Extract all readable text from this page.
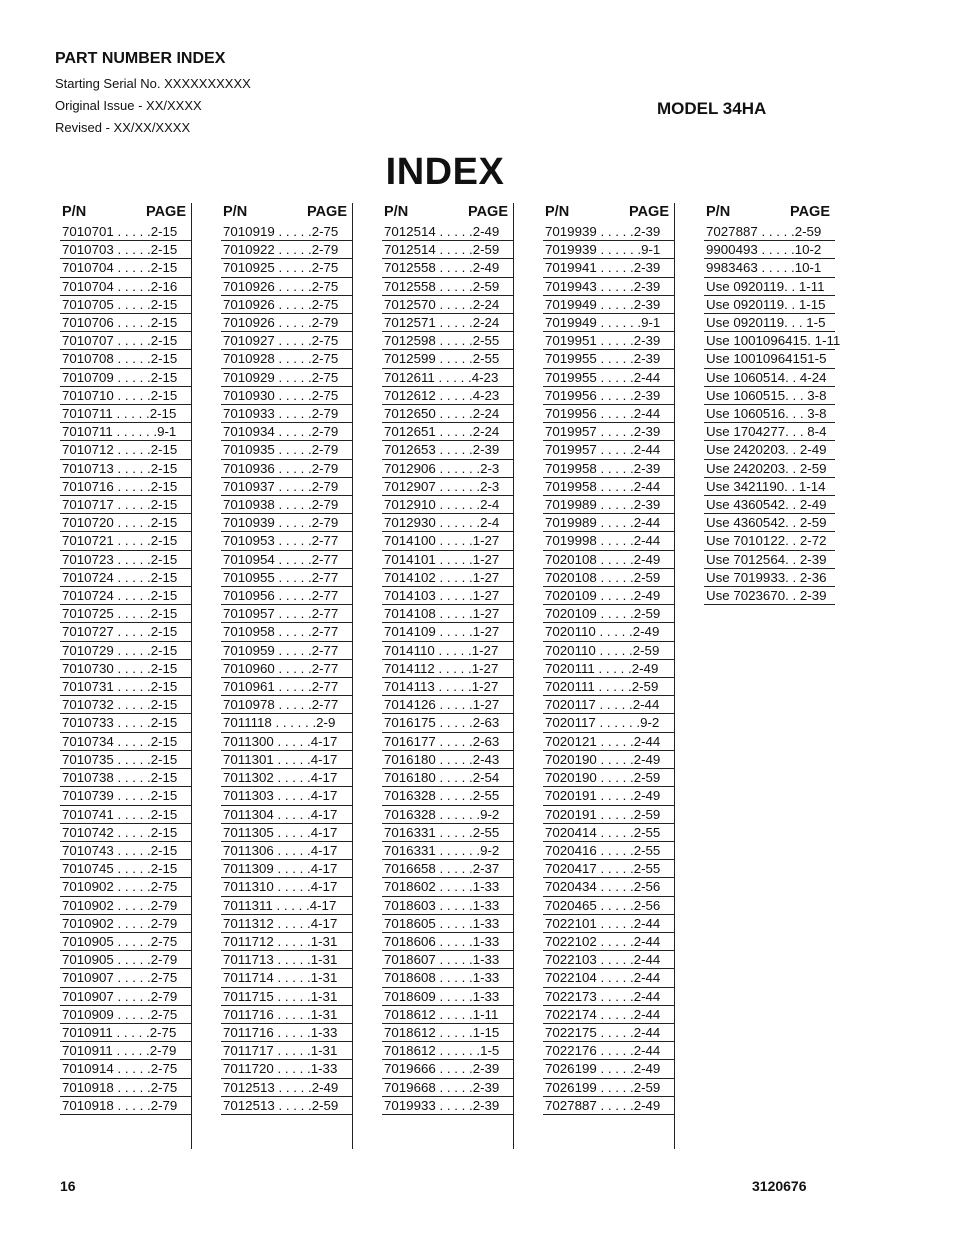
PART NUMBER INDEX
Starting Serial No. XXXXXXXXXX
Original Issue - XX/XXXX
Revised - XX/XX/XXXX
MODEL 34HA
INDEX
P/N	PAGE
7010701 . . . . .2-15
7010703 . . . . .2-15
7010704 . . . . .2-15
7010704 . . . . .2-16
7010705 . . . . .2-15
7010706 . . . . .2-15
7010707 . . . . .2-15
7010708 . . . . .2-15
7010709 . . . . .2-15
7010710 . . . . .2-15
7010711 . . . . .2-15
7010711 . . . . . .9-1
7010712 . . . . .2-15
7010713 . . . . .2-15
7010716 . . . . .2-15
7010717 . . . . .2-15
7010720 . . . . .2-15
7010721 . . . . .2-15
7010723 . . . . .2-15
7010724 . . . . .2-15
7010724 . . . . .2-15
7010725 . . . . .2-15
7010727 . . . . .2-15
7010729 . . . . .2-15
7010730 . . . . .2-15
7010731 . . . . .2-15
7010732 . . . . .2-15
7010733 . . . . .2-15
7010734 . . . . .2-15
7010735 . . . . .2-15
7010738 . . . . .2-15
7010739 . . . . .2-15
7010741 . . . . .2-15
7010742 . . . . .2-15
7010743 . . . . .2-15
7010745 . . . . .2-15
7010902 . . . . .2-75
7010902 . . . . .2-79
7010902 . . . . .2-79
7010905 . . . . .2-75
7010905 . . . . .2-79
7010907 . . . . .2-75
7010907 . . . . .2-79
7010909 . . . . .2-75
7010911 . . . . .2-75
7010911 . . . . .2-79
7010914 . . . . .2-75
7010918 . . . . .2-75
7010918 . . . . .2-79
P/N	PAGE
7010919 . . . . .2-75
7010922 . . . . .2-79
7010925 . . . . .2-75
7010926 . . . . .2-75
7010926 . . . . .2-75
7010926 . . . . .2-79
7010927 . . . . .2-75
7010928 . . . . .2-75
7010929 . . . . .2-75
7010930 . . . . .2-75
7010933 . . . . .2-79
7010934 . . . . .2-79
7010935 . . . . .2-79
7010936 . . . . .2-79
7010937 . . . . .2-79
7010938 . . . . .2-79
7010939 . . . . .2-79
7010953 . . . . .2-77
7010954 . . . . .2-77
7010955 . . . . .2-77
7010956 . . . . .2-77
7010957 . . . . .2-77
7010958 . . . . .2-77
7010959 . . . . .2-77
7010960 . . . . .2-77
7010961 . . . . .2-77
7010978 . . . . .2-77
7011118 . . . . . .2-9
7011300 . . . . .4-17
7011301 . . . . .4-17
7011302 . . . . .4-17
7011303 . . . . .4-17
7011304 . . . . .4-17
7011305 . . . . .4-17
7011306 . . . . .4-17
7011309 . . . . .4-17
7011310 . . . . .4-17
7011311 . . . . .4-17
7011312 . . . . .4-17
7011712 . . . . .1-31
7011713 . . . . .1-31
7011714 . . . . .1-31
7011715 . . . . .1-31
7011716 . . . . .1-31
7011716 . . . . .1-33
7011717 . . . . .1-31
7011720 . . . . .1-33
7012513 . . . . .2-49
7012513 . . . . .2-59
P/N	PAGE
7012514 . . . . .2-49
7012514 . . . . .2-59
7012558 . . . . .2-49
7012558 . . . . .2-59
7012570 . . . . .2-24
7012571 . . . . .2-24
7012598 . . . . .2-55
7012599 . . . . .2-55
7012611 . . . . .4-23
7012612 . . . . .4-23
7012650 . . . . .2-24
7012651 . . . . .2-24
7012653 . . . . .2-39
7012906 . . . . . .2-3
7012907 . . . . . .2-3
7012910 . . . . . .2-4
7012930 . . . . . .2-4
7014100 . . . . .1-27
7014101 . . . . .1-27
7014102 . . . . .1-27
7014103 . . . . .1-27
7014108 . . . . .1-27
7014109 . . . . .1-27
7014110 . . . . .1-27
7014112 . . . . .1-27
7014113 . . . . .1-27
7014126 . . . . .1-27
7016175 . . . . .2-63
7016177 . . . . .2-63
7016180 . . . . .2-43
7016180 . . . . .2-54
7016328 . . . . .2-55
7016328 . . . . . .9-2
7016331 . . . . .2-55
7016331 . . . . . .9-2
7016658 . . . . .2-37
7018602 . . . . .1-33
7018603 . . . . .1-33
7018605 . . . . .1-33
7018606 . . . . .1-33
7018607 . . . . .1-33
7018608 . . . . .1-33
7018609 . . . . .1-33
7018612 . . . . .1-11
7018612 . . . . .1-15
7018612 . . . . . .1-5
7019666 . . . . .2-39
7019668 . . . . .2-39
7019933 . . . . .2-39
P/N	PAGE
7019939 . . . . .2-39
7019939 . . . . . .9-1
7019941 . . . . .2-39
7019943 . . . . .2-39
7019949 . . . . .2-39
7019949 . . . . . .9-1
7019951 . . . . .2-39
7019955 . . . . .2-39
7019955 . . . . .2-44
7019956 . . . . .2-39
7019956 . . . . .2-44
7019957 . . . . .2-39
7019957 . . . . .2-44
7019958 . . . . .2-39
7019958 . . . . .2-44
7019989 . . . . .2-39
7019989 . . . . .2-44
7019998 . . . . .2-44
7020108 . . . . .2-49
7020108 . . . . .2-59
7020109 . . . . .2-49
7020109 . . . . .2-59
7020110 . . . . .2-49
7020110 . . . . .2-59
7020111 . . . . .2-49
7020111 . . . . .2-59
7020117 . . . . .2-44
7020117 . . . . . .9-2
7020121 . . . . .2-44
7020190 . . . . .2-49
7020190 . . . . .2-59
7020191 . . . . .2-49
7020191 . . . . .2-59
7020414 . . . . .2-55
7020416 . . . . .2-55
7020417 . . . . .2-55
7020434 . . . . .2-56
7020465 . . . . .2-56
7022101 . . . . .2-44
7022102 . . . . .2-44
7022103 . . . . .2-44
7022104 . . . . .2-44
7022173 . . . . .2-44
7022174 . . . . .2-44
7022175 . . . . .2-44
7022176 . . . . .2-44
7026199 . . . . .2-49
7026199 . . . . .2-59
7027887 . . . . .2-49
P/N	PAGE
7027887 . . . . .2-59
9900493 . . . . .10-2
9983463 . . . . .10-1
Use 0920119. . 1-11
Use 0920119. . 1-15
Use 0920119. . . 1-5
Use 1001096415. 1-11
Use 10010964151-5
Use 1060514. . 4-24
Use 1060515. . . 3-8
Use 1060516. . . 3-8
Use 1704277. . . 8-4
Use 2420203. . 2-49
Use 2420203. . 2-59
Use 3421190. . 1-14
Use 4360542. . 2-49
Use 4360542. . 2-59
Use 7010122. . 2-72
Use 7012564. . 2-39
Use 7019933. . 2-36
Use 7023670. . 2-39
16	3120676
